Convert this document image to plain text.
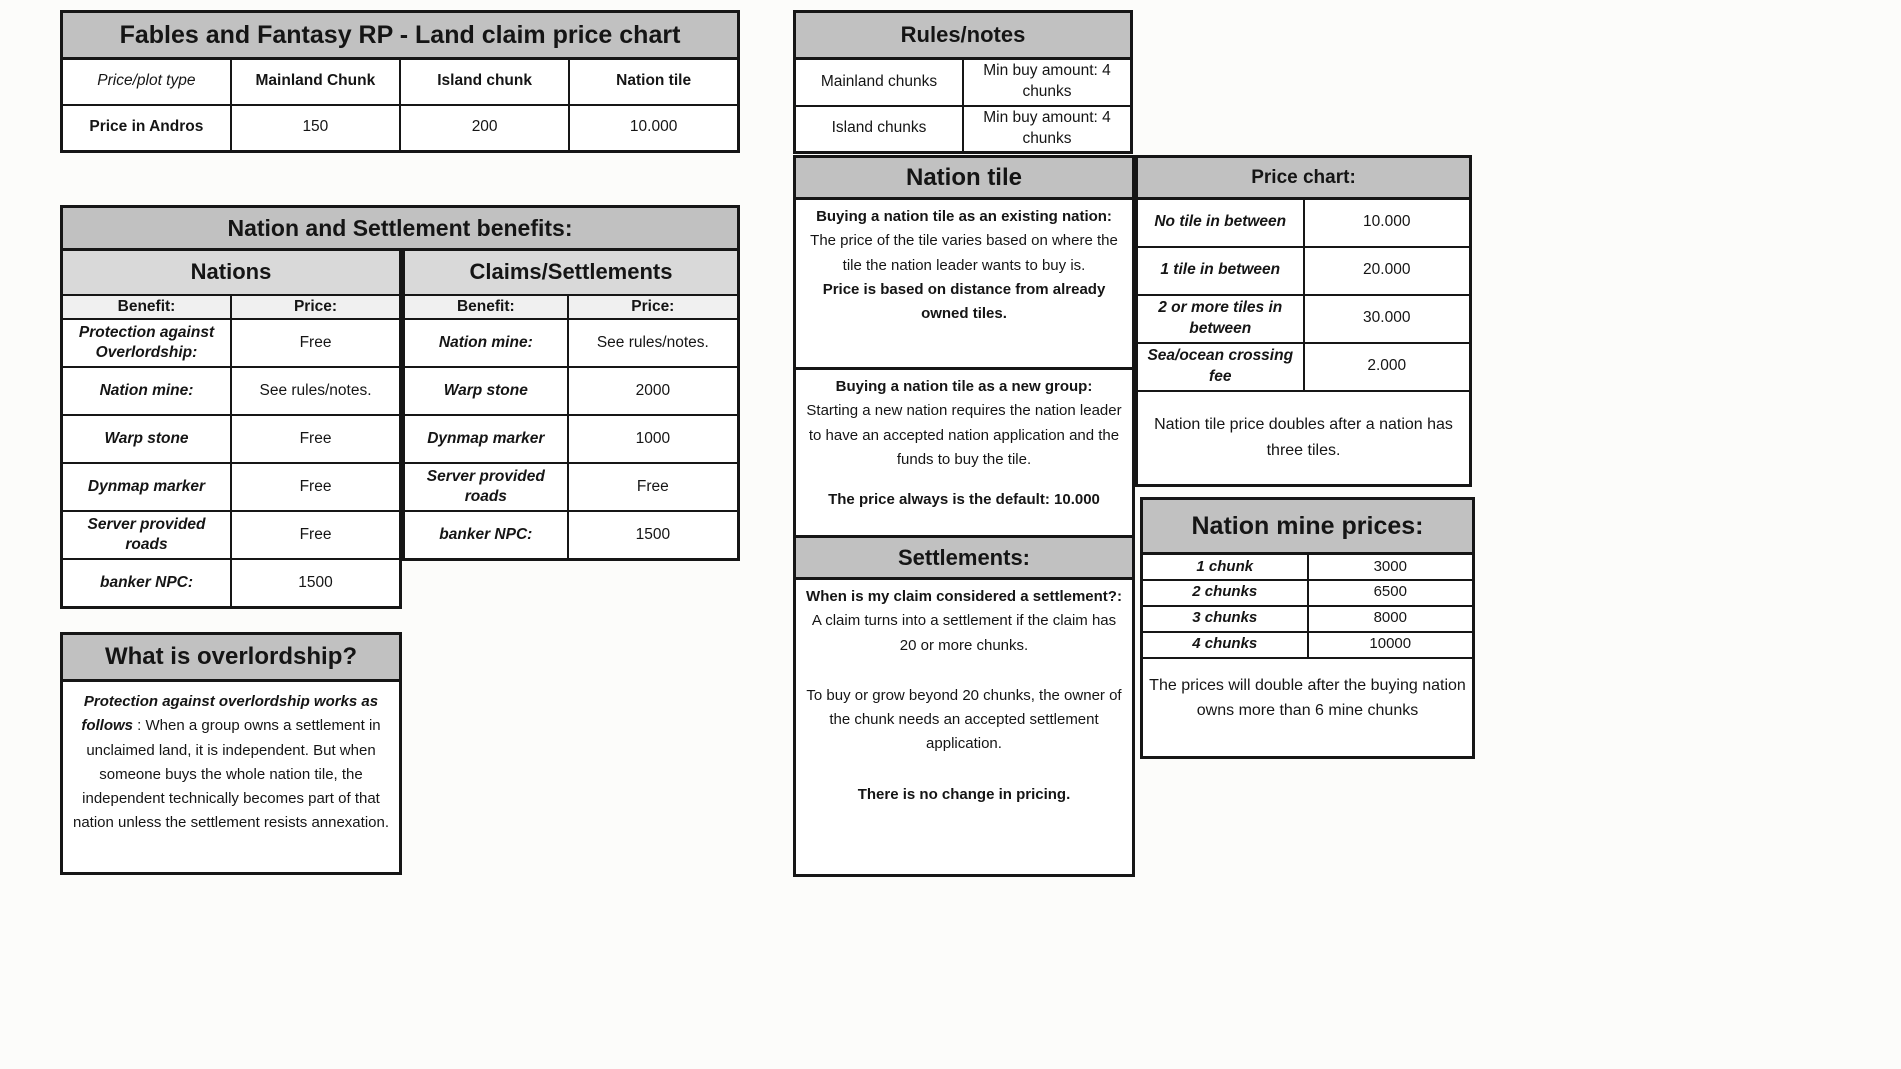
Fables and Fantasy RP - Land claim price chart
Price/plot type	Mainland Chunk	Island chunk	Nation tile
Price in Andros	150	200	10.000
Nation and Settlement benefits:
Nations	
Benefit:	Price:
Protection against Overlordship:	Free
Nation mine:	See rules/notes.
Warp stone	Free
Dynmap marker	Free
Server provided roads	Free
banker NPC:	1500
Claims/Settlements	
Benefit:	Price:
Nation mine:	See rules/notes.
Warp stone	2000
Dynmap marker	1000
Server provided roads	Free
banker NPC:	1500
What is overlordship?
Protection against overlordship works as follows : When a group owns a settlement in unclaimed land, it is independent. But when someone buys the whole nation tile, the independent technically becomes part of that nation unless the settlement resists annexation.
Rules/notes
Mainland chunks	Min buy amount: 4 chunks
Island chunks	Min buy amount: 4 chunks
Nation tile
Buying a nation tile as an existing nation:
The price of the tile varies based on where the tile the nation leader wants to buy is.
Price is based on distance from already owned tiles.
Buying a nation tile as a new group:
Starting a new nation requires the nation leader to have an accepted nation application and the funds to buy the tile.
The price always is the default: 10.000
Settlements:
When is my claim considered a settlement?:
A claim turns into a settlement if the claim has 20 or more chunks.
To buy or grow beyond 20 chunks, the owner of the chunk needs an accepted settlement application.
There is no change in pricing.
Price chart:
No tile in between	10.000
1 tile in between	20.000
2 or more tiles in between	30.000
Sea/ocean crossing fee	2.000
Nation tile price doubles after a nation has three tiles.	
Nation mine prices:
1 chunk	3000
2 chunks	6500
3 chunks	8000
4 chunks	10000
The prices will double after the buying nation owns more than 6 mine chunks	
